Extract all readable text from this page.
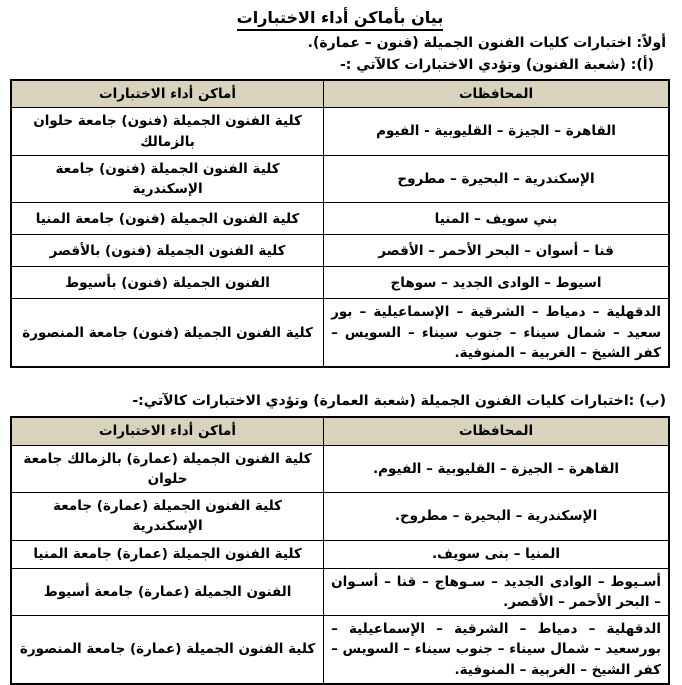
بيان بأماكن أداء الاختبارات
أولاً: اختبارات كليات الفنون الجميلة (فنون – عمارة).
(أ): (شعبة الفنون) وتؤدي الاختبارات كالآتي :-
المحافظات	أماكن أداء الاختبارات
القاهرة – الجيزة – القليوبية - الفيوم	كلية الفنون الجميلة (فنون) جامعة حلوان بالزمالك
الإسكندرية – البحيرة – مطروح	كلية الفنون الجميلة (فنون) جامعة الإسكندرية
بني سويف – المنيا	كلية الفنون الجميلة (فنون) جامعة المنيا
قنا – أسوان – البحر الأحمر – الأقصر	كلية الفنون الجميلة (فنون) بالأقصر
اسيوط – الوادى الجديد – سوهاج	الفنون الجميلة (فنون) بأسيوط
الدقهلية – دمياط – الشرقية – الإسماعيلية – بور سعيد – شمال سيناء – جنوب سيناء – السويس – كفر الشيخ – الغربية – المنوفية.	كلية الفنون الجميلة (فنون) جامعة المنصورة
(ب) :اختبارات كليات الفنون الجميلة (شعبة العمارة) وتؤدي الاختبارات كالآتي:-
المحافظات	أماكن أداء الاختبارات
القاهرة – الجيزة – القليوبية – الفيوم.	كلية الفنون الجميلة (عمارة) بالزمالك جامعة حلوان
الإسكندرية – البحيرة – مطروح.	كلية الفنون الجميلة (عمارة) جامعة الإسكندرية
المنيا – بنى سويف.	كلية الفنون الجميلة (عمارة) جامعة المنيا
أسـيوط – الوادى الجديد – سـوهاج – قنا – أسـوان – البحر الأحمر – الأقصر.	الفنون الجميلة (عمارة) جامعة أسيوط
الدقهلية – دمياط – الشرقية – الإسماعيلية – بورسعيد – شمال سيناء – جنوب سيناء – السويس – كفر الشيخ – الغربية – المنوفية.	كلية الفنون الجميلة (عمارة) جامعة المنصورة
